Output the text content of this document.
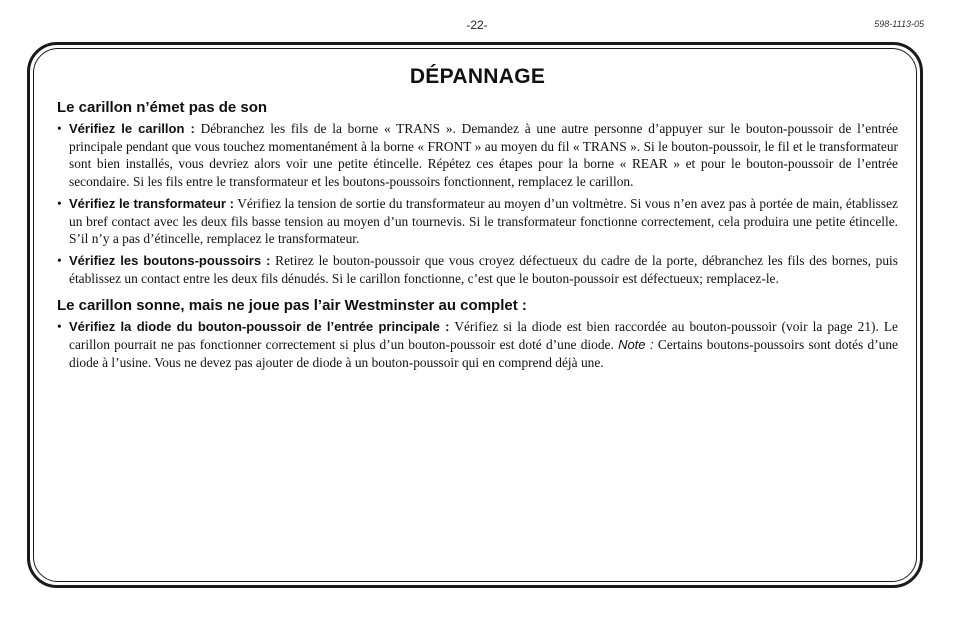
-22-	598-1113-05
DÉPANNAGE
Le carillon n’émet pas de son
• Vérifiez le carillon : Débranchez les fils de la borne « TRANS ». Demandez à une autre personne d’appuyer sur le bouton-poussoir de l’entrée principale pendant que vous touchez momentanément à la borne « FRONT » au moyen du fil « TRANS ». Si le bouton-poussoir, le fil et le transformateur sont bien installés, vous devriez alors voir une petite étincelle. Répétez ces étapes pour la borne « REAR » et pour le bouton-poussoir de l’entrée secondaire. Si les fils entre le transformateur et les boutons-poussoirs fonctionnent, remplacez le carillon.
• Vérifiez le transformateur : Vérifiez la tension de sortie du transformateur au moyen d’un voltmètre. Si vous n’en avez pas à portée de main, établissez un bref contact avec les deux fils basse tension au moyen d’un tournevis. Si le transformateur fonctionne correctement, cela produira une petite étincelle. S’il n’y a pas d’étincelle, remplacez le transformateur.
• Vérifiez les boutons-poussoirs : Retirez le bouton-poussoir que vous croyez défectueux du cadre de la porte, débranchez les fils des bornes, puis établissez un contact entre les deux fils dénudés. Si le carillon fonctionne, c’est que le bouton-poussoir est défectueux; remplacez-le.
Le carillon sonne, mais ne joue pas l’air Westminster au complet :
• Vérifiez la diode du bouton-poussoir de l’entrée principale : Vérifiez si la diode est bien raccordée au bouton-poussoir (voir la page 21). Le carillon pourrait ne pas fonctionner correctement si plus d’un bouton-poussoir est doté d’une diode. Note : Certains boutons-poussoirs sont dotés d’une diode à l’usine. Vous ne devez pas ajouter de diode à un bouton-poussoir qui en comprend déjà une.
